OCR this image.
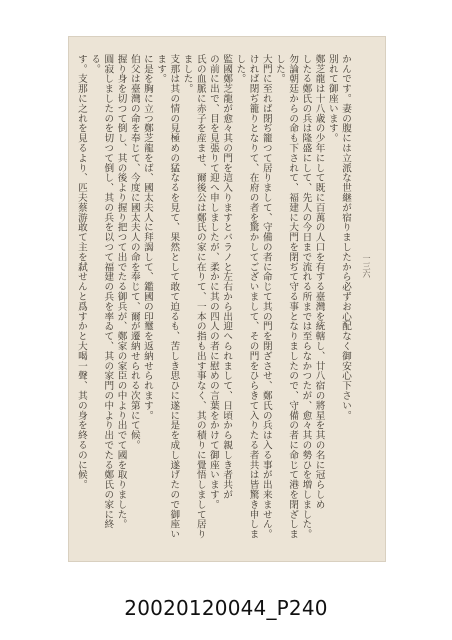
かんです。妻の腹には立派な世継が宿りましたから必ずお心配なく御安心下さい。

別れて御座います。

鄭芝龍は十八歳の少年にして既に百萬の人口を有する臺灣を統轄し、廿八宿の將星を其の名に冠らしめ

したる鄭氏の兵は隆盛にして、先人の今日まで流れる所までは至らなかつたが、愈々其の勢ひを増しました。

勿論朝廷からの命も下されて、福建に大門を閉ぢて守る事となりましたので、守備の者に命じて港を閉ざしました。

大門に至れば閉ぢ籠つて居りまして、守備の者に命じて其の門を閉ざさせ、鄭氏の兵は入る事が出来ません。

ければ閉ぢ籠りとなりて、在府の者を驚かしてございまして、その門をひらきて入りたる者共は皆驚き申しました。

監國鄭芝龍が愈々其の門を這入りますとバラノと左右から出迎へられまして、日頃から親しき者共が

の前に出で、目を見張りて迎へ申しましたが、柔かに其の四人の者に慰めの言葉をかけて御座います。

氏の血脈に赤子を産ませ、爾後公は鄭氏の家に在りて、一本の指も出す事なく、其の積りに覺悟しまして居りました。

支那は其の情の見極めの猛なるを見て、果然として敢て迫るも、苦しき思ひに遂に是を成し遂げたので御座います。

に是を胸に立つ鄭芝龍をば、國太夫人に拜謁して、鑑國の印璽を返納せられます。

伯父は臺灣の命を奉じて、今度に國太夫人の命を奉じて、爾が遷納せられる次第にて候。

握り身を切つて倒し、其の後より握り把つて出でたる御兵が、鄭家の家臣の中より出でて國を取りました。

圓寂しましたのを切つて倒し、其の兵を以つて福建の兵を率ゐて、其の家門の中より出でたる鄭氏の家に終る。

す。支那に之れを見るより、匹夫蔡游敢て主を弑せんと爲すかと大喝一聲、其の身を終るのに候。	一三六
20020120044_P240
